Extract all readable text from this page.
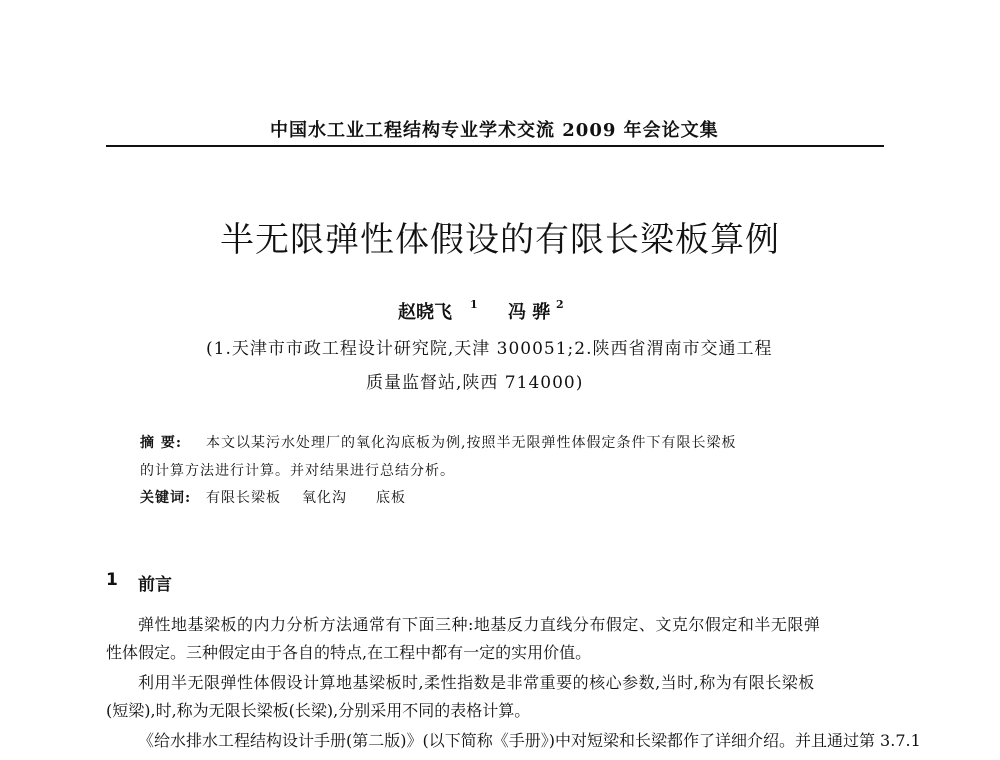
中国水工业工程结构专业学术交流 2009 年会论文集
半无限弹性体假设的有限长梁板算例
赵晓飞	1	冯 骅 2
(1.天津市市政工程设计研究院,天津 300051;2.陕西省渭南市交通工程
质量监督站,陕西 714000)
摘 要:	本文以某污水处理厂的氧化沟底板为例,按照半无限弹性体假定条件下有限长梁板
的计算方法进行计算。并对结果进行总结分析。
关键词:	有限长梁板	氧化沟	底板
1	前言
弹性地基梁板的内力分析方法通常有下面三种:地基反力直线分布假定、文克尔假定和半无限弹
性体假定。三种假定由于各自的特点,在工程中都有一定的实用价值。
利用半无限弹性体假设计算地基梁板时,柔性指数是非常重要的核心参数,当时,称为有限长梁板
(短梁),时,称为无限长梁板(长梁),分别采用不同的表格计算。
《给水排水工程结构设计手册(第二版)》(以下简称《手册》)中对短梁和长梁都作了详细介绍。并且通过第 3.7.1
